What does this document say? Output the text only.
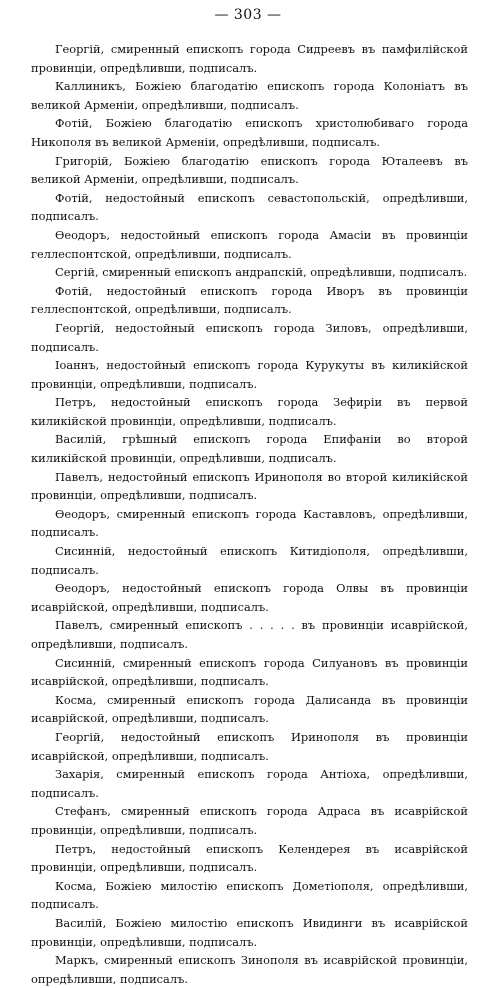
— 303 —

Георгій, смиренный епископъ города Сидреевъ въ памфилійской провинціи, опредѣливши, подписалъ.

Каллиникъ, Божіею благодатію епископъ города Колоніатъ въ великой Арменіи, опредѣливши, подписалъ.

Фотій, Божіею благодатію епископъ христолюбиваго города Никополя въ великой Арменіи, опредѣливши, подписалъ.

Григорій, Божіею благодатію епископъ города Юталеевъ въ великой Арменіи, опредѣливши, подписалъ.

Фотій, недостойный епископъ севастопольскій, опредѣливши, подписалъ.

Ѳеодоръ, недостойный епископъ города Амасіи въ провинціи геллеспонтской, опредѣливши, подписалъ.

Сергій, смиренный епископъ андрапскій, опредѣливши, подписалъ.

Фотій, недостойный епископъ города Иворъ въ провинціи геллеспонтской, опредѣливши, подписалъ.

Георгій, недостойный епископъ города Зиловъ, опредѣливши, подписалъ.

Іоаннъ, недостойный епископъ города Курукуты въ киликійской провинціи, опредѣливши, подписалъ.

Петръ, недостойный епископъ города Зефиріи въ первой киликійской провинціи, опредѣливши, подписалъ.

Василій, грѣшный епископъ города Епифаніи во второй киликійской провинціи, опредѣливши, подписалъ.

Павелъ, недостойный епископъ Иринополя во второй киликійской провинціи, опредѣливши, подписалъ.

Ѳеодоръ, смиренный епископъ города Каставловъ, опредѣливши, подписалъ.

Сисинній, недостойный епископъ Китидіополя, опредѣливши, подписалъ.

Ѳеодоръ, недостойный епископъ города Олвы въ провинціи исаврійской, опредѣливши, подписалъ.

Павелъ, смиренный епископъ . . . . . въ провинціи исаврійской, опредѣливши, подписалъ.

Сисинній, смиренный епископъ города Силуановъ въ провинціи исаврійской, опредѣливши, подписалъ.

Косма, смиренный епископъ города Далисанда въ провинціи исаврійской, опредѣливши, подписалъ.

Георгій, недостойный епископъ Иринополя въ провинціи исаврійской, опредѣливши, подписалъ.

Захарія, смиренный епископъ города Антіоха, опредѣливши, подписалъ.

Стефанъ, смиренный епископъ города Адраса въ исаврійской провинціи, опредѣливши, подписалъ.

Петръ, недостойный епископъ Келендерея въ исаврійской провинціи, опредѣливши, подписалъ.

Косма, Божіею милостію епископъ Дометіополя, опредѣливши, подписалъ.

Василій, Божіею милостію епископъ Ивидинги въ исаврійской провинціи, опредѣливши, подписалъ.

Маркъ, смиренный епископъ Зинополя въ исаврійской провинціи, опредѣливши, подписалъ.
